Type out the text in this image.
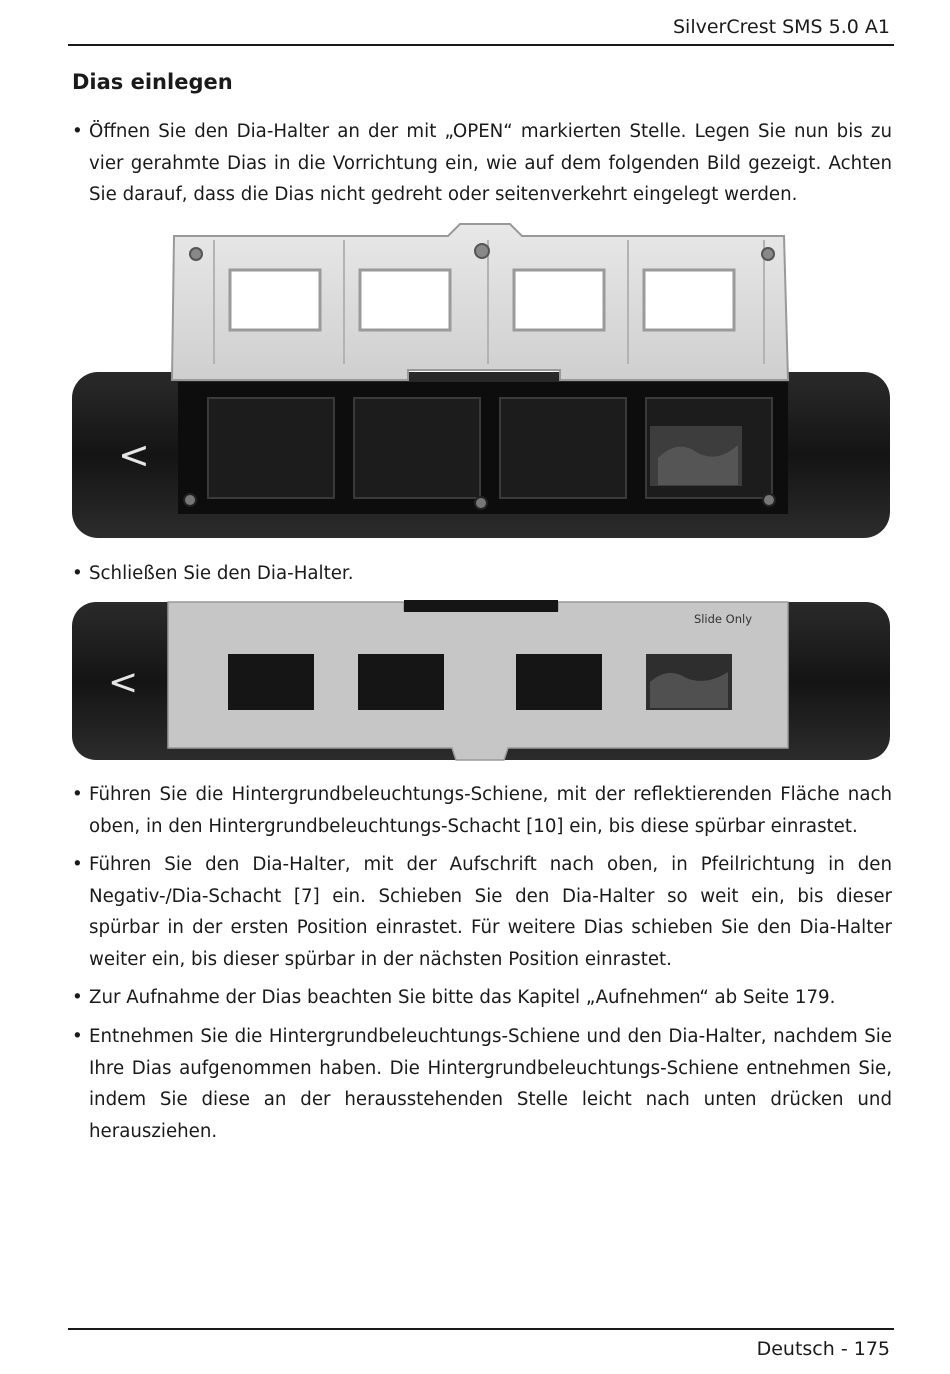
SilverCrest SMS 5.0 A1
Dias einlegen
• Öffnen Sie den Dia-Halter an der mit „OPEN“ markierten Stelle. Legen Sie nun bis zu vier gerahmte Dias in die Vorrichtung ein, wie auf dem folgenden Bild gezeigt. Achten Sie darauf, dass die Dias nicht gedreht oder seitenverkehrt eingelegt werden.
<
• Schließen Sie den Dia-Halter.
Slide Only
<
• Führen Sie die Hintergrundbeleuchtungs-Schiene, mit der reflektierenden Fläche nach oben, in den Hintergrundbeleuchtungs-Schacht [10] ein, bis diese spürbar einrastet.
• Führen Sie den Dia-Halter, mit der Aufschrift nach oben, in Pfeilrichtung in den Negativ-/Dia-Schacht [7] ein. Schieben Sie den Dia-Halter so weit ein, bis dieser spürbar in der ersten Position einrastet. Für weitere Dias schieben Sie den Dia-Halter weiter ein, bis dieser spürbar in der nächsten Position einrastet.
• Zur Aufnahme der Dias beachten Sie bitte das Kapitel „Aufnehmen“ ab Seite 179.
• Entnehmen Sie die Hintergrundbeleuchtungs-Schiene und den Dia-Halter, nachdem Sie Ihre Dias aufgenommen haben. Die Hintergrundbeleuchtungs-Schiene entnehmen Sie, indem Sie diese an der herausstehenden Stelle leicht nach unten drücken und herausziehen.
Deutsch - 175
